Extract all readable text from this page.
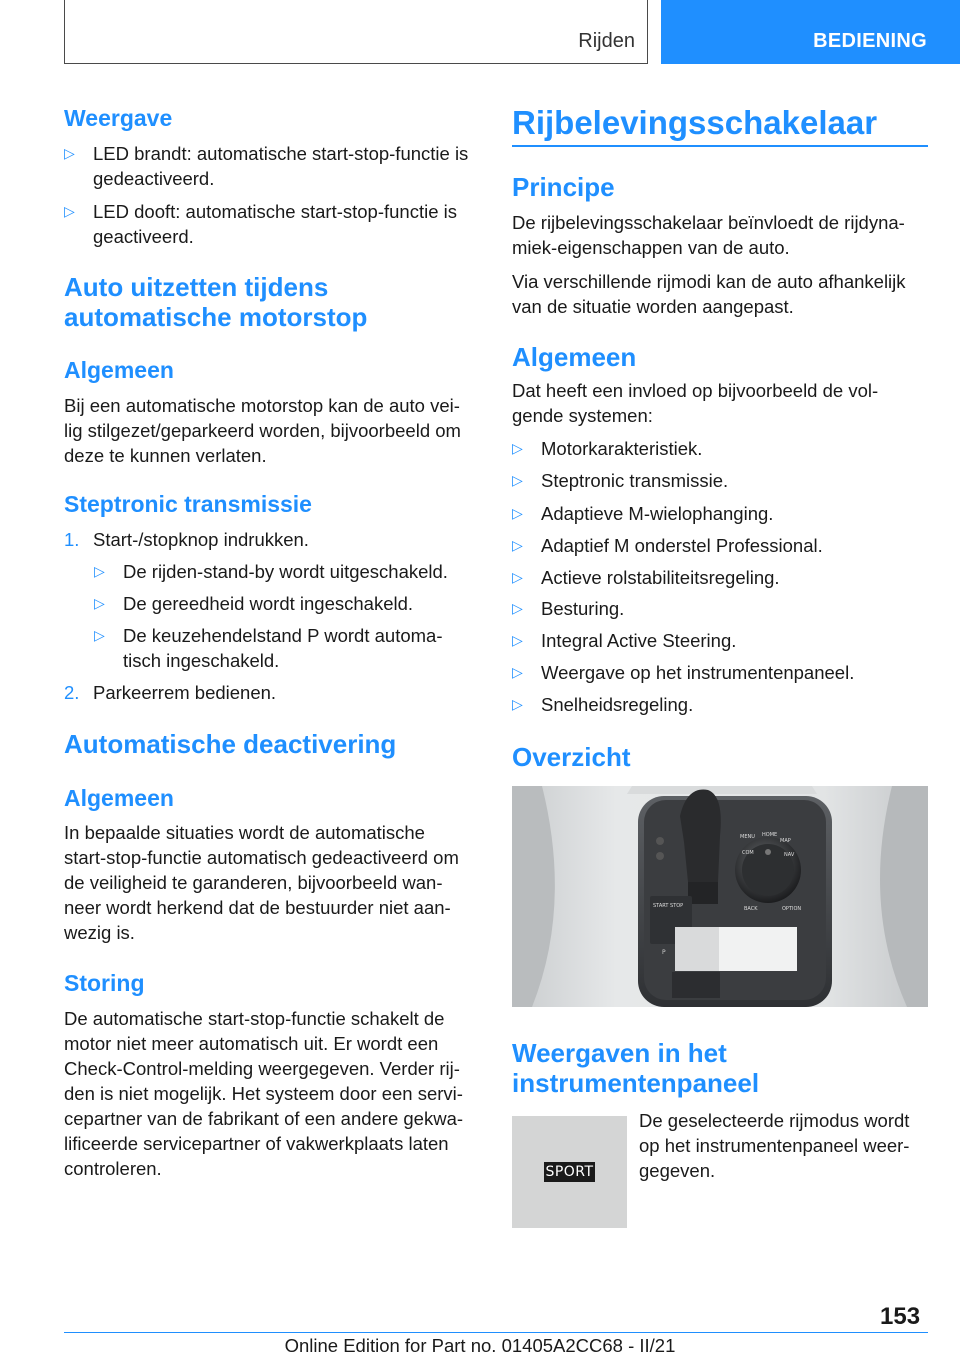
Rijden	BEDIENING
Weergave
▷ LED brandt: automatische start-stop-functie is gedeactiveerd.
▷ LED dooft: automatische start-stop-functie is geactiveerd.
Auto uitzetten tijdens
automatische motorstop
Algemeen
Bij een automatische motorstop kan de auto vei-
lig stilgezet/geparkeerd worden, bijvoorbeeld om
deze te kunnen verlaten.
Steptronic transmissie
1. Start-/stopknop indrukken.
▷ De rijden-stand-by wordt uitgeschakeld.
▷ De gereedheid wordt ingeschakeld.
▷ De keuzehendelstand P wordt automa- tisch ingeschakeld.
2. Parkeerrem bedienen.
Automatische deactivering
Algemeen
In bepaalde situaties wordt de automatische
start-stop-functie automatisch gedeactiveerd om
de veiligheid te garanderen, bijvoorbeeld wan-
neer wordt herkend dat de bestuurder niet aan-
wezig is.
Storing
De automatische start-stop-functie schakelt de
motor niet meer automatisch uit. Er wordt een
Check-Control-melding weergegeven. Verder rij-
den is niet mogelijk. Het systeem door een servi-
cepartner van de fabrikant of een andere gekwa-
lificeerde servicepartner of vakwerkplaats laten
controleren.
Rijbelevingsschakelaar
Principe
De rijbelevingsschakelaar beïnvloedt de rijdyna-
miek-eigenschappen van de auto.
Via verschillende rijmodi kan de auto afhankelijk
van de situatie worden aangepast.
Algemeen
Dat heeft een invloed op bijvoorbeeld de vol-
gende systemen:
▷ Motorkarakteristiek.
▷ Steptronic transmissie.
▷ Adaptieve M-wielophanging.
▷ Adaptief M onderstel Professional.
▷ Actieve rolstabiliteitsregeling.
▷ Besturing.
▷ Integral Active Steering.
▷ Weergave op het instrumentenpaneel.
▷ Snelheidsregeling.
Overzicht
Weergaven in het
instrumentenpaneel
De geselecteerde rijmodus wordt
op het instrumentenpaneel weer-
gegeven.
START STOP
P
MENU HOME
MAP
COM	NAV
BACK	OPTION
SPORT
153
Online Edition for Part no. 01405A2CC68 - II/21
